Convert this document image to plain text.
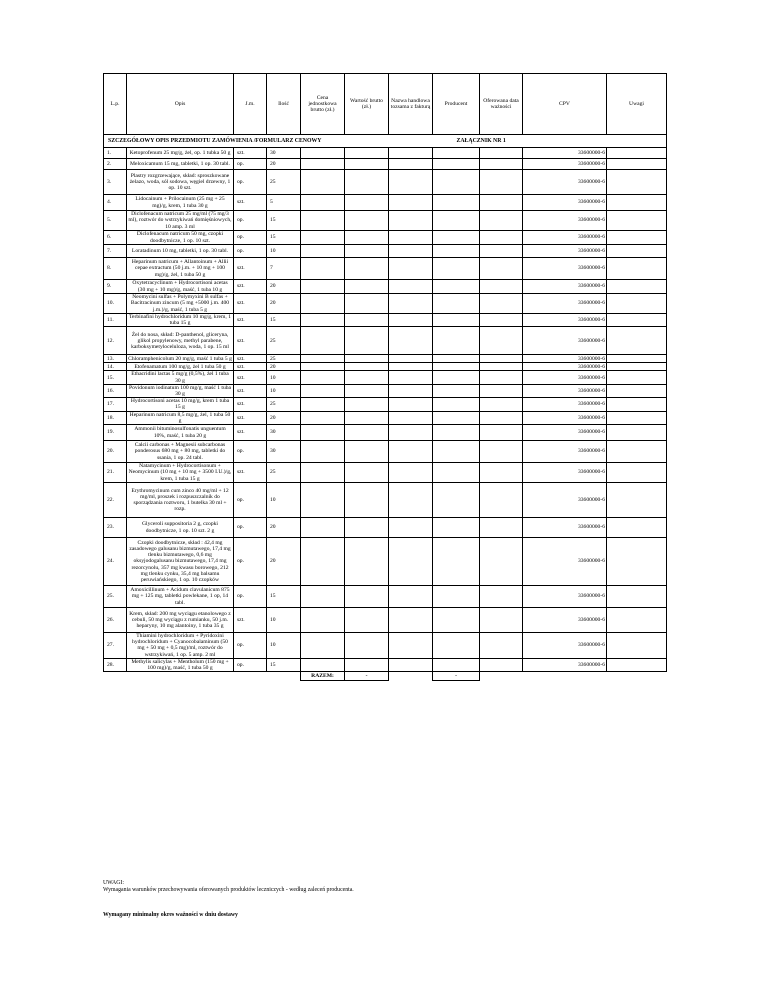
SZCZEGÓŁOWY OPIS PRZEDMIOTU ZAMÓWIENIA /FORMULARZ CENOWY							ZAŁĄCZNIK NR 1			
L.p.	Opis	J.m.	Ilość	Cena jednostkowa brutto (zł.)	Wartość brutto (zł.)	Nazwa handlowa tozsama z fakturą	Producent	Oferowana data ważności	CPV	Uwagi
1.	Ketoprofenum 25 mg/g, żel, op. 1 tubka 50 g	szt.	30						33600000-6	
2.	Meloxicamum 15 mg, tabletki, 1 op. 30 tabl.	op.	20						33600000-6	
3.	Plastry rozgrzewające, skład: sproszkowane żelazo, woda, sól sodowa, węgiel drzewny, 1 op. 10 szt.	op.	25						33600000-6	
4.	Lidocainum + Prilocainum (25 mg + 25 mg)/g, krem, 1 tuba 30 g	szt.	5						33600000-6	
5.	Diclofenacum natricum 25 mg/ml (75 mg/3 ml), roztwór do wstrzykiwań domięśniowych, 10 amp. 3 ml	op.	15						33600000-6	
6.	Diclofenacum natricum 50 mg, czopki doodbytnicze, 1 op. 10 szt.	op.	15						33600000-6	
7.	Loratadinum 10 mg, tabletki, 1 op. 30 tabl.	op.	10						33600000-6	
8.	Heparinum natricum + Allantoinum + Allii cepae extractum (50 j.m. + 10 mg + 100 mg)/g, żel, 1 tuba 50 g	szt.	7						33600000-6	
9.	Oxytetracyclinum + Hydrocortisoni acetas (30 mg + 10 mg)/g, maść, 1 tuba 10 g	szt.	20						33600000-6	
10.	Neomycini sulfas + Polymyxini B sulfas + Bacitracinum zincum (5 mg +5000 j.m. 400 j.m.)/g, maść, 1 tuba 5 g	szt.	20						33600000-6	
11.	Terbinafini hydrochloridum 10 mg/g, krem, 1 tuba 15 g	szt.	15						33600000-6	
12.	Żel do nosa, skład: D-panthenol, gliceryna, glikol propylenowy, methyl parabene, karboksymetyloceluloza, woda, 1 op. 15 ml	szt.	25						33600000-6	
13.	Chloramphenicolum 20 mg/g, maść 1 tuba 5 g	szt.	25						33600000-6	
14.	Etofenamatum 100 mg/g, żel 1 tuba 50 g	szt.	20						33600000-6	
15.	Ethacridini lactas 5 mg/g (0,5%), żel 1 tuba 30 g	szt.	10						33600000-6	
16.	Povidonum iodinatum 100 mg/g, maść 1 tuba 30 g	szt.	10						33600000-6	
17.	Hydrocortisoni acetas 10 mg/g, krem 1 tuba 15 g	szt.	25						33600000-6	
18.	Heparinum natricum 8,5 mg/g, żel, 1 tuba 50 g	szt.	20						33600000-6	
19.	Ammonii bituminosulfonatis unguentum 10%, maść, 1 tuba 20 g	szt.	30						33600000-6	
20.	Calcii carbonas + Magnesii subcarbonas ponderosus 680 mg + 80 mg, tabletki do ssania, 1 op. 24 tabl.	op.	30						33600000-6	
21.	Natamycinum + Hydrocortisonum + Neomycinum (10 mg + 10 mg + 3500 I.U.)/g, krem, 1 tuba 15 g	szt.	25						33600000-6	
22.	Erythromycinum cum zinco 40 mg/ml + 12 mg/ml, proszek i rozpuszczalnik do sporządzania roztworu, 1 butelka 30 ml + rozp.	op.	10						33600000-6	
23.	Glyceroli suppositoria 2 g, czopki doodbytnicze, 1 op. 10 szt. 2 g	op.	20						33600000-6	
24.	Czopki doodbytnicze, skład : 42,4 mg zasadowego galusanu bizmutawego, 17,4 mg tlenku bizmutawego, 0,6 mg oksyjodogalusanu bizmutawego, 17,4 mg rezorcynolu, 357 mg kwasu borowego, 212 mg tlenku cynku, 35,4 mg balsamu peruwiańskiego, 1 op. 10 czopków	op.	20						33600000-6	
25.	Amoxicillinum + Acidum clavulanicum 875 mg + 125 mg, tabletki powlekane, 1 op, 14 tabl.	op.	15						33600000-6	
26.	Krem, skład: 200 mg wyciągu etanolowego z cebuli, 50 mg wyciągu z rumianku, 50 j.m. heparyny, 10 mg alantoiny, 1 tuba 35 g	szt.	10						33600000-6	
27.	Thiamini hydrochloridum + Pyridoxini hydrochloridum + Cyanocobalaminum (50 mg + 50 mg + 0,5 mg)/ml, roztwór do wstrzykiwań, 1 op. 5 amp. 2 ml	op.	10						33600000-6	
28.	Methylis salicylas + Mentholum (150 mg + 100 mg)/g, maść, 1 tuba 50 g	op.	15						33600000-6	
				RAZEM:	-		-			
UWAGI:
Wymagania warunków przechowywania oferowanych produktów leczniczych - według zaleceń producenta.
Wymagany minimalny okres ważności w dniu dostawy
